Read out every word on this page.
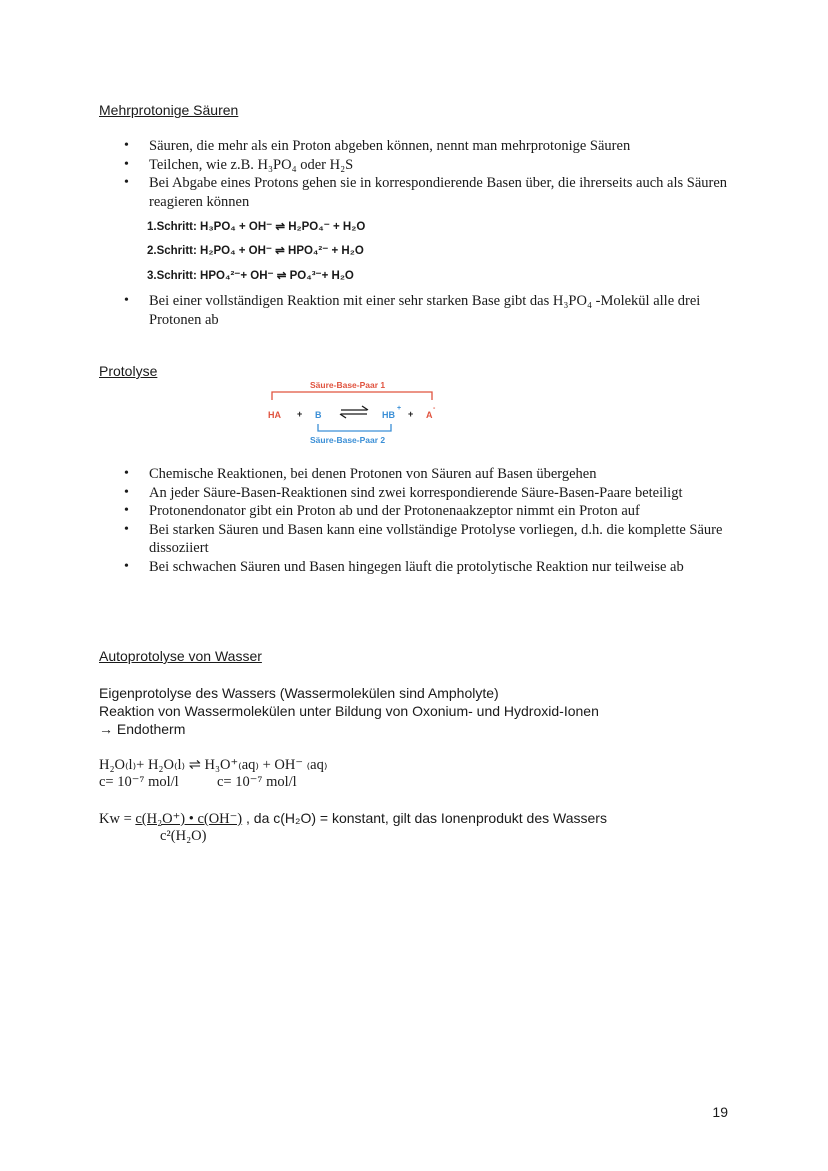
Mehrprotonige Säuren
• Säuren, die mehr als ein Proton abgeben können, nennt man mehrprotonige Säuren
• Teilchen, wie z.B. H₃PO₄ oder H₂S
• Bei Abgabe eines Protons gehen sie in korrespondierende Basen über, die ihrerseits auch als Säuren reagieren können
1.Schritt: H₃PO₄ + OH⁻ ⇌ H₂PO₄⁻ + H₂O
2.Schritt: H₂PO₄ + OH⁻ ⇌ HPO₄²⁻ + H₂O
3.Schritt: HPO₄²⁻+ OH⁻ ⇌ PO₄³⁻+ H₂O
• Bei einer vollständigen Reaktion mit einer sehr starken Base gibt das H₃PO₄ -Molekül alle drei Protonen ab
Protolyse
Säure-Base-Paar 1
HA + B	HB
+
+ A
-
Säure-Base-Paar 2
• Chemische Reaktionen, bei denen Protonen von Säuren auf Basen übergehen
• An jeder Säure-Basen-Reaktionen sind zwei korrespondierende Säure-Basen-Paare beteiligt
• Protonendonator gibt ein Proton ab und der Protonenaakzeptor nimmt ein Proton auf
• Bei starken Säuren und Basen kann eine vollständige Protolyse vorliegen, d.h. die komplette Säure dissoziiert
• Bei schwachen Säuren und Basen hingegen läuft die protolytische Reaktion nur teilweise ab
Autoprotolyse von Wasser
Eigenprotolyse des Wassers (Wassermolekülen sind Ampholyte)
Reaktion von Wassermolekülen unter Bildung von Oxonium- und Hydroxid-Ionen
→ Endotherm
H₂O₍l₎+ H₂O₍l₎ ⇌ H₃O⁺₍aq₎ + OH⁻ ₍aq₎
c= 10⁻⁷ mol/l	c= 10⁻⁷ mol/l
Kw = c(H₂O⁺) • c(OH⁻) , da c(H₂O) = konstant, gilt das Ionenprodukt des Wassers
c²(H₂O)
19
